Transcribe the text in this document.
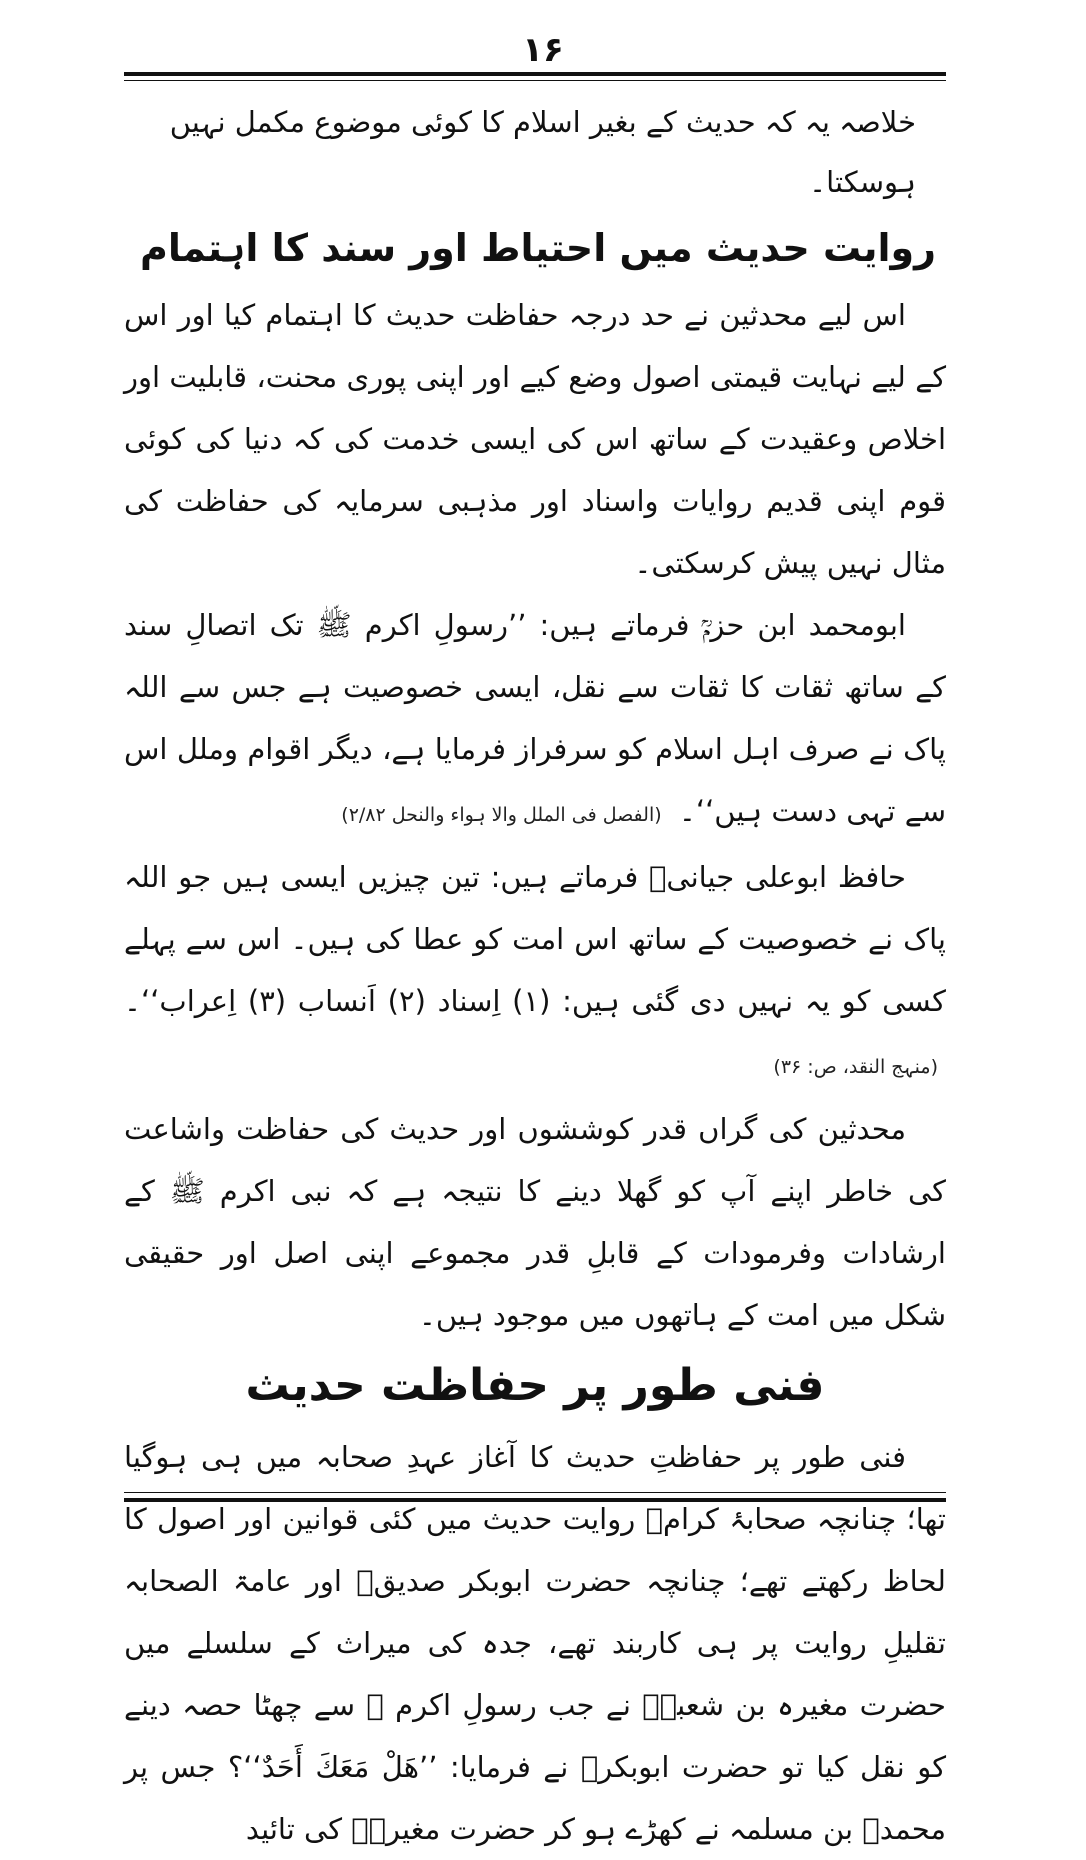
۱۶

خلاصہ یہ کہ حدیث کے بغیر اسلام کا کوئی موضوع مکمل نہیں ہوسکتا۔

روایت حدیث میں احتیاط اور سند کا اہتمام

اس لیے محدثین نے حد درجہ حفاظت حدیث کا اہتمام کیا اور اس کے لیے نہایت قیمتی اصول وضع کیے اور اپنی پوری محنت، قابلیت اور اخلاص وعقیدت کے ساتھ اس کی ایسی خدمت کی کہ دنیا کی کوئی قوم اپنی قدیم روایات واسناد اور مذہبی سرمایہ کی حفاظت کی مثال نہیں پیش کرسکتی۔

ابومحمد ابن حزمؒ فرماتے ہیں: ’’رسولِ اکرم ﷺ تک اتصالِ سند کے ساتھ ثقات کا ثقات سے نقل، ایسی خصوصیت ہے جس سے اللہ پاک نے صرف اہل اسلام کو سرفراز فرمایا ہے، دیگر اقوام وملل اس سے تہی دست ہیں‘‘۔ (الفصل فی الملل والا ہواء والنحل ۲/۸۲)

حافظ ابوعلی جیانیؒ فرماتے ہیں: تین چیزیں ایسی ہیں جو اللہ پاک نے خصوصیت کے ساتھ اس امت کو عطا کی ہیں۔ اس سے پہلے کسی کو یہ نہیں دی گئی ہیں: (۱) اِسناد (۲) اَنساب (۳) اِعراب‘‘۔ (منہج النقد، ص: ۳۶)

محدثین کی گراں قدر کوششوں اور حدیث کی حفاظت واشاعت کی خاطر اپنے آپ کو گھلا دینے کا نتیجہ ہے کہ نبی اکرم ﷺ کے ارشادات وفرمودات کے قابلِ قدر مجموعے اپنی اصل اور حقیقی شکل میں امت کے ہاتھوں میں موجود ہیں۔

فنی طور پر حفاظت حدیث

فنی طور پر حفاظتِ حدیث کا آغاز عہدِ صحابہ میں ہی ہوگیا تھا؛ چنانچہ صحابۂ کرامؓ روایت حدیث میں کئی قوانین اور اصول کا لحاظ رکھتے تھے؛ چنانچہ حضرت ابوبکر صدیقؓ اور عامۃ الصحابہ تقلیلِ روایت پر ہی کاربند تھے، جدہ کی میراث کے سلسلے میں حضرت مغیرہ بن شعبہؓ نے جب رسولِ اکرم ﷺ سے چھٹا حصہ دینے کو نقل کیا تو حضرت ابوبکرؓ نے فرمایا: ’’هَلْ مَعَكَ أَحَدٌ‘‘؟ جس پر محمدؓ بن مسلمہ نے کھڑے ہو کر حضرت مغیرہؓ کی تائید
